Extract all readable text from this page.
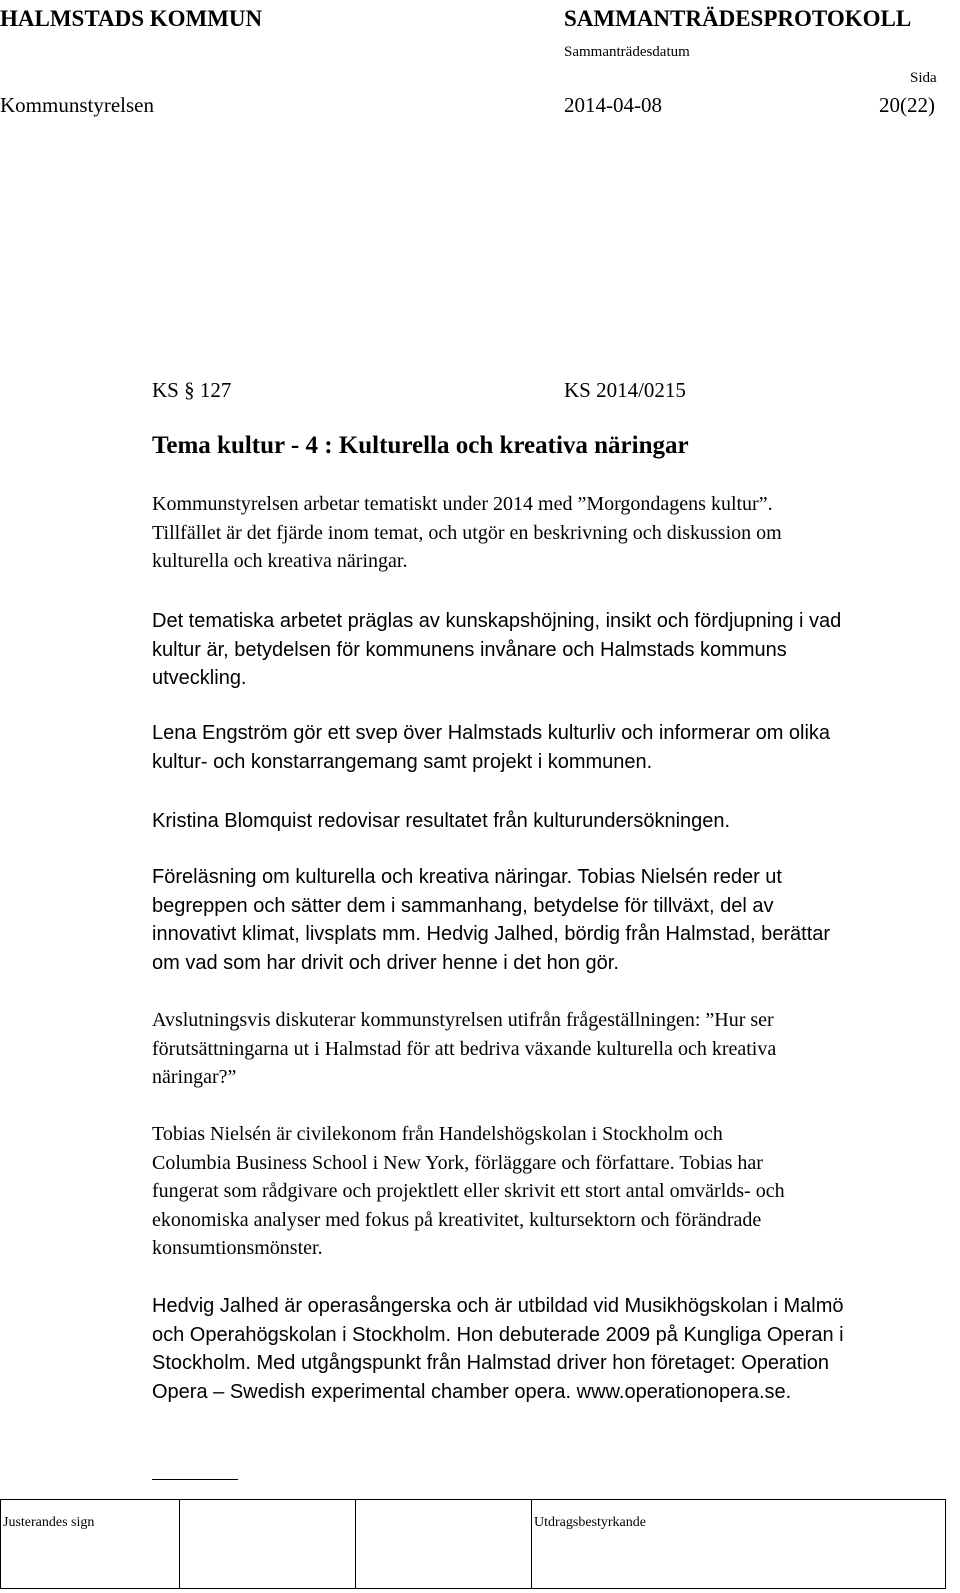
HALMSTADS KOMMUN	SAMMANTRÄDESPROTOKOLL
Sammanträdesdatum
Sida
Kommunstyrelsen	2014-04-08	20(22)
KS § 127	KS 2014/0215
Tema kultur - 4 : Kulturella och kreativa näringar

Kommunstyrelsen arbetar tematiskt under 2014 med ”Morgondagens kultur”.
Tillfället är det fjärde inom temat, och utgör en beskrivning och diskussion om
kulturella och kreativa näringar.

Det tematiska arbetet präglas av kunskapshöjning, insikt och fördjupning i vad
kultur är, betydelsen för kommunens invånare och Halmstads kommuns
utveckling.

Lena Engström gör ett svep över Halmstads kulturliv och informerar om olika
kultur- och konstarrangemang samt projekt i kommunen.

Kristina Blomquist redovisar resultatet från kulturundersökningen.

Föreläsning om kulturella och kreativa näringar. Tobias Nielsén reder ut
begreppen och sätter dem i sammanhang, betydelse för tillväxt, del av
innovativt klimat, livsplats mm. Hedvig Jalhed, bördig från Halmstad, berättar
om vad som har drivit och driver henne i det hon gör.

Avslutningsvis diskuterar kommunstyrelsen utifrån frågeställningen: ”Hur ser
förutsättningarna ut i Halmstad för att bedriva växande kulturella och kreativa
näringar?”

Tobias Nielsén är civilekonom från Handelshögskolan i Stockholm och
Columbia Business School i New York, förläggare och författare. Tobias har
fungerat som rådgivare och projektlett eller skrivit ett stort antal omvärlds- och
ekonomiska analyser med fokus på kreativitet, kultursektorn och förändrade
konsumtionsmönster.

Hedvig Jalhed är operasångerska och är utbildad vid Musikhögskolan i Malmö
och Operahögskolan i Stockholm. Hon debuterade 2009 på Kungliga Operan i
Stockholm. Med utgångspunkt från Halmstad driver hon företaget: Operation
Opera – Swedish experimental chamber opera. www.operationopera.se.

Justerandes sign			Utdragsbestyrkande
